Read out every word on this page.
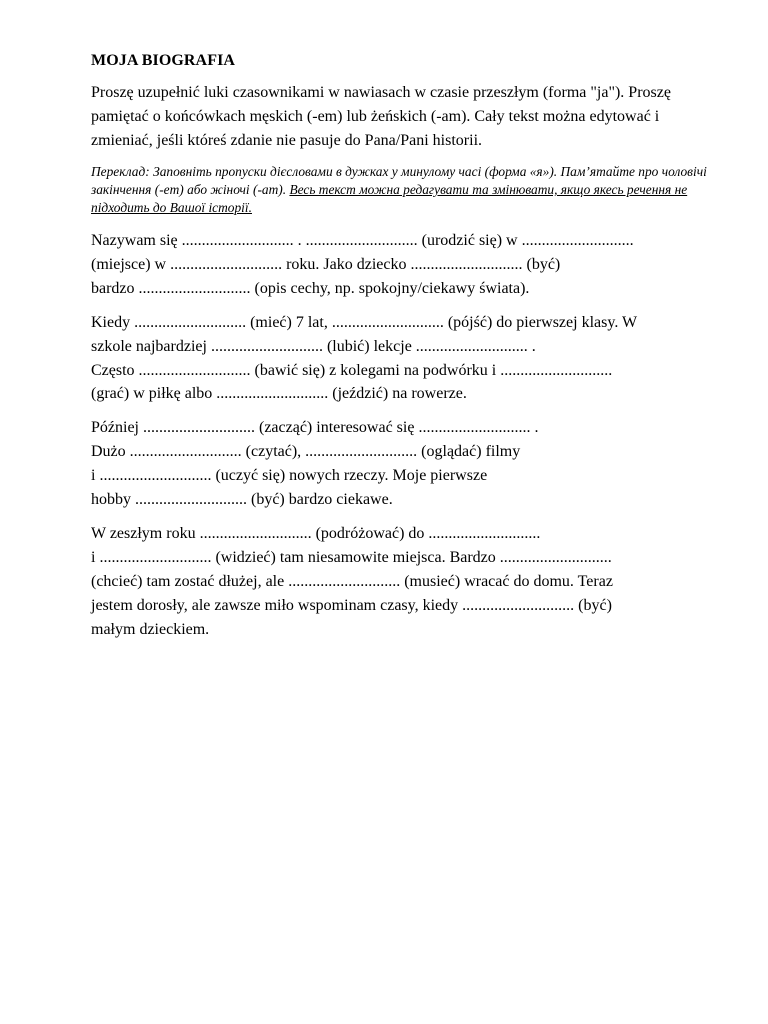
MOJA BIOGRAFIA
Proszę uzupełnić luki czasownikami w nawiasach w czasie przeszłym (forma "ja"). Proszę pamiętać o końcówkach męskich (-em) lub żeńskich (-am). Cały tekst można edytować i zmieniać, jeśli któreś zdanie nie pasuje do Pana/Pani historii.
Переклад: Заповніть пропуски дієсловами в дужках у минулому часі (форма «я»). Пам’ятайте про чоловічі закінчення (-em) або жіночі (-am). Весь текст можна редагувати та змінювати, якщо якесь речення не підходить до Вашої історії.
Nazywam się ............................ . ............................ (urodzić się) w ............................
(miejsce) w ............................ roku. Jako dziecko ............................ (być)
bardzo ............................ (opis cechy, np. spokojny/ciekawy świata).
Kiedy ............................ (mieć) 7 lat, ............................ (pójść) do pierwszej klasy. W
szkole najbardziej ............................ (lubić) lekcje ............................ .
Często ............................ (bawić się) z kolegami na podwórku i ............................
(grać) w piłkę albo ............................ (jeździć) na rowerze.
Później ............................ (zacząć) interesować się ............................ .
Dużo ............................ (czytać), ............................ (oglądać) filmy
i ............................ (uczyć się) nowych rzeczy. Moje pierwsze
hobby ............................ (być) bardzo ciekawe.
W zeszłym roku ............................ (podróżować) do ............................
i ............................ (widzieć) tam niesamowite miejsca. Bardzo ............................
(chcieć) tam zostać dłużej, ale ............................ (musieć) wracać do domu. Teraz
jestem dorosły, ale zawsze miło wspominam czasy, kiedy ............................ (być)
małym dzieckiem.
